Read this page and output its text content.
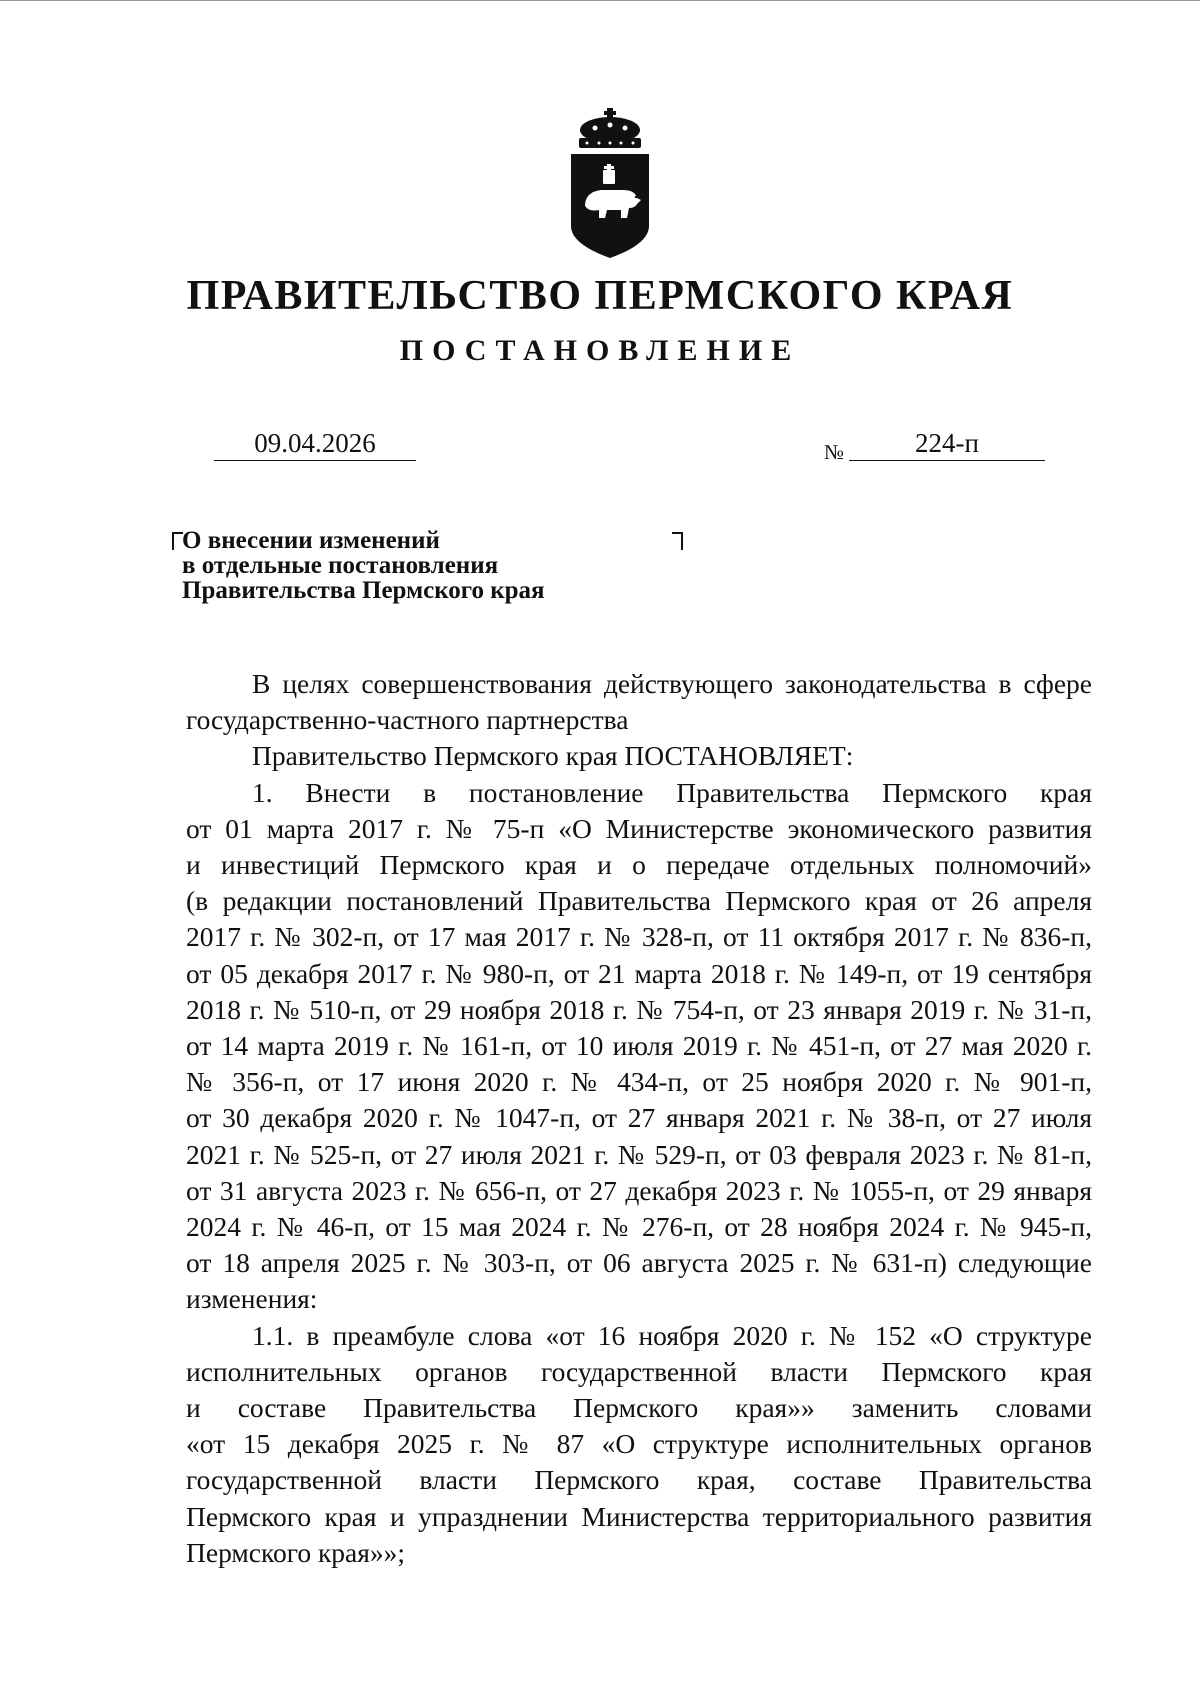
ПРАВИТЕЛЬСТВО ПЕРМСКОГО КРАЯ
ПОСТАНОВЛЕНИЕ
09.04.2026	№	224-п
О внесении изменений
в отдельные постановления
Правительства Пермского края
В целях совершенствования действующего законодательства в сфере
государственно-частного партнерства
Правительство Пермского края ПОСТАНОВЛЯЕТ:
1. Внести в постановление Правительства Пермского края
от 01 марта 2017 г. № 75-п «О Министерстве экономического развития
и инвестиций Пермского края и о передаче отдельных полномочий»
(в редакции постановлений Правительства Пермского края от 26 апреля
2017 г. № 302-п, от 17 мая 2017 г. № 328-п, от 11 октября 2017 г. № 836-п,
от 05 декабря 2017 г. № 980-п, от 21 марта 2018 г. № 149-п, от 19 сентября
2018 г. № 510-п, от 29 ноября 2018 г. № 754-п, от 23 января 2019 г. № 31-п,
от 14 марта 2019 г. № 161-п, от 10 июля 2019 г. № 451-п, от 27 мая 2020 г.
№ 356-п, от 17 июня 2020 г. № 434-п, от 25 ноября 2020 г. № 901-п,
от 30 декабря 2020 г. № 1047-п, от 27 января 2021 г. № 38-п, от 27 июля
2021 г. № 525-п, от 27 июля 2021 г. № 529-п, от 03 февраля 2023 г. № 81-п,
от 31 августа 2023 г. № 656-п, от 27 декабря 2023 г. № 1055-п, от 29 января
2024 г. № 46-п, от 15 мая 2024 г. № 276-п, от 28 ноября 2024 г. № 945-п,
от 18 апреля 2025 г. № 303-п, от 06 августа 2025 г. № 631-п) следующие
изменения:
1.1. в преамбуле слова «от 16 ноября 2020 г. № 152 «О структуре
исполнительных органов государственной власти Пермского края
и составе Правительства Пермского края»» заменить словами
«от 15 декабря 2025 г. № 87 «О структуре исполнительных органов
государственной власти Пермского края, составе Правительства
Пермского края и упразднении Министерства территориального развития
Пермского края»»;
